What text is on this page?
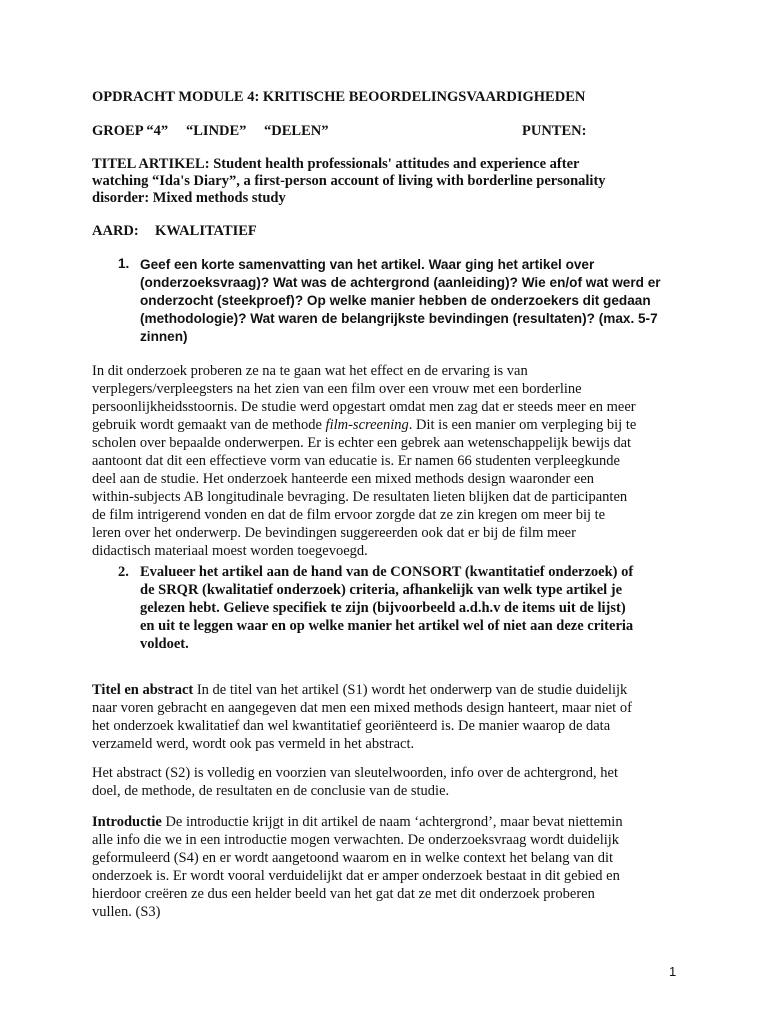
OPDRACHT MODULE 4: KRITISCHE BEOORDELINGSVAARDIGHEDEN
GROEP “4” “LINDE” “DELEN”	PUNTEN:
TITEL ARTIKEL: Student health professionals' attitudes and experience after
watching “Ida's Diary”, a first-person account of living with borderline personality
disorder: Mixed methods study
AARD: KWALITATIEF
1. Geef een korte samenvatting van het artikel. Waar ging het artikel over
(onderzoeksvraag)? Wat was de achtergrond (aanleiding)? Wie en/of wat werd er
onderzocht (steekproef)? Op welke manier hebben de onderzoekers dit gedaan
(methodologie)? Wat waren de belangrijkste bevindingen (resultaten)? (max. 5-7
zinnen)
In dit onderzoek proberen ze na te gaan wat het effect en de ervaring is van
verplegers/verpleegsters na het zien van een film over een vrouw met een borderline
persoonlijkheidsstoornis. De studie werd opgestart omdat men zag dat er steeds meer en meer
gebruik wordt gemaakt van de methode film-screening. Dit is een manier om verpleging bij te
scholen over bepaalde onderwerpen. Er is echter een gebrek aan wetenschappelijk bewijs dat
aantoont dat dit een effectieve vorm van educatie is. Er namen 66 studenten verpleegkunde
deel aan de studie. Het onderzoek hanteerde een mixed methods design waaronder een
within-subjects AB longitudinale bevraging. De resultaten lieten blijken dat de participanten
de film intrigerend vonden en dat de film ervoor zorgde dat ze zin kregen om meer bij te
leren over het onderwerp. De bevindingen suggereerden ook dat er bij de film meer
didactisch materiaal moest worden toegevoegd.
2. Evalueer het artikel aan de hand van de CONSORT (kwantitatief onderzoek) of
de SRQR (kwalitatief onderzoek) criteria, afhankelijk van welk type artikel je
gelezen hebt. Gelieve specifiek te zijn (bijvoorbeeld a.d.h.v de items uit de lijst)
en uit te leggen waar en op welke manier het artikel wel of niet aan deze criteria
voldoet.
Titel en abstract In de titel van het artikel (S1) wordt het onderwerp van de studie duidelijk
naar voren gebracht en aangegeven dat men een mixed methods design hanteert, maar niet of
het onderzoek kwalitatief dan wel kwantitatief georiënteerd is. De manier waarop de data
verzameld werd, wordt ook pas vermeld in het abstract.
Het abstract (S2) is volledig en voorzien van sleutelwoorden, info over de achtergrond, het
doel, de methode, de resultaten en de conclusie van de studie.
Introductie De introductie krijgt in dit artikel de naam ‘achtergrond’, maar bevat niettemin
alle info die we in een introductie mogen verwachten. De onderzoeksvraag wordt duidelijk
geformuleerd (S4) en er wordt aangetoond waarom en in welke context het belang van dit
onderzoek is. Er wordt vooral verduidelijkt dat er amper onderzoek bestaat in dit gebied en
hierdoor creëren ze dus een helder beeld van het gat dat ze met dit onderzoek proberen
vullen. (S3)
1
